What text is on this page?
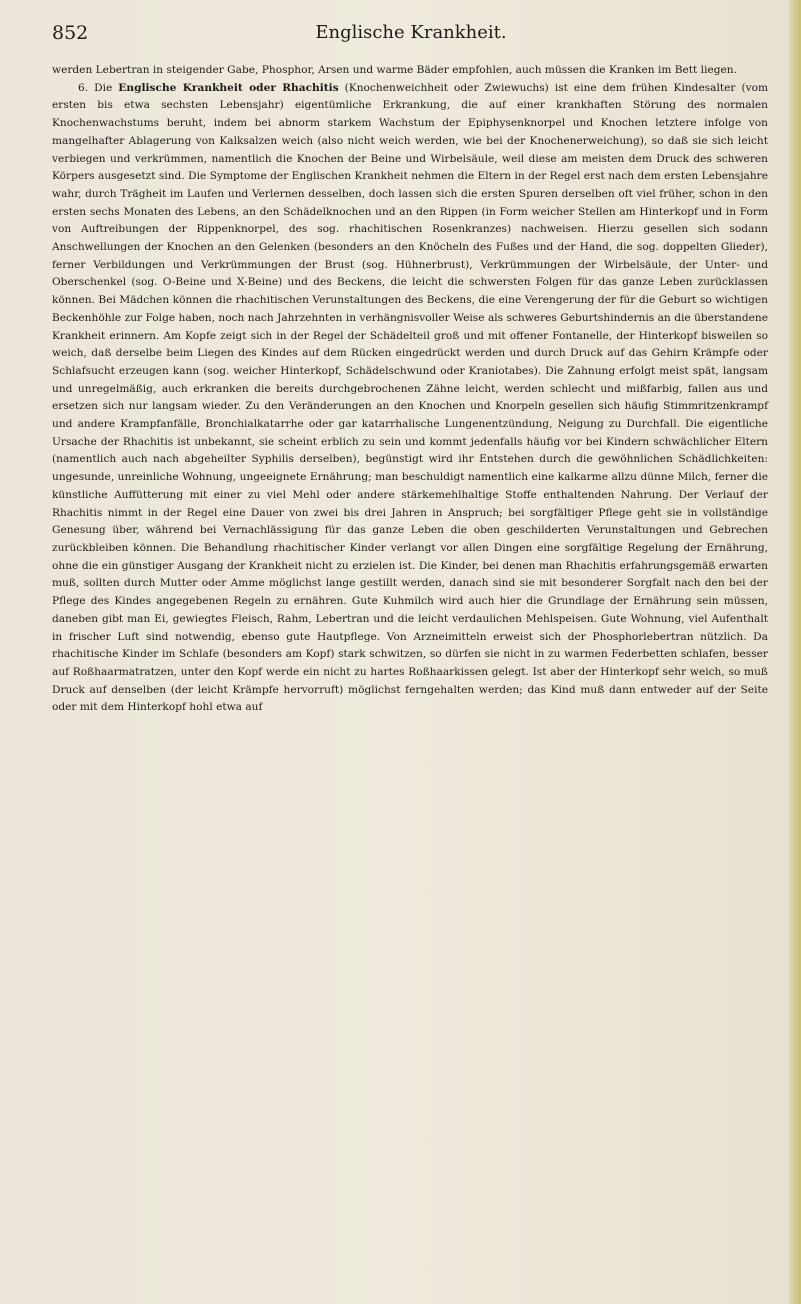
852	Englische Krankheit.

werden Lebertran in steigender Gabe, Phosphor, Arsen und warme Bäder empfohlen, auch müssen die Kranken im Bett liegen.

6. Die Englische Krankheit oder Rhachitis (Knochenweichheit oder Zwiewuchs) ist eine dem frühen Kindesalter (vom ersten bis etwa sechsten Lebensjahr) eigentümliche Erkrankung, die auf einer krankhaften Störung des normalen Knochenwachstums beruht, indem bei abnorm starkem Wachstum der Epiphysenknorpel und Knochen letztere infolge von mangelhafter Ablagerung von Kalksalzen weich (also nicht weich werden, wie bei der Knochenerweichung), so daß sie sich leicht verbiegen und verkrümmen, namentlich die Knochen der Beine und Wirbelsäule, weil diese am meisten dem Druck des schweren Körpers ausgesetzt sind. Die Symptome der Englischen Krankheit nehmen die Eltern in der Regel erst nach dem ersten Lebensjahre wahr, durch Trägheit im Laufen und Verlernen desselben, doch lassen sich die ersten Spuren derselben oft viel früher, schon in den ersten sechs Monaten des Lebens, an den Schädelknochen und an den Rippen (in Form weicher Stellen am Hinterkopf und in Form von Auftreibungen der Rippenknorpel, des sog. rhachitischen Rosenkranzes) nachweisen. Hierzu gesellen sich sodann Anschwellungen der Knochen an den Gelenken (besonders an den Knöcheln des Fußes und der Hand, die sog. doppelten Glieder), ferner Verbildungen und Verkrümmungen der Brust (sog. Hühnerbrust), Verkrümmungen der Wirbelsäule, der Unter- und Oberschenkel (sog. O-Beine und X-Beine) und des Beckens, die leicht die schwersten Folgen für das ganze Leben zurücklassen können. Bei Mädchen können die rhachitischen Verunstaltungen des Beckens, die eine Verengerung der für die Geburt so wichtigen Beckenhöhle zur Folge haben, noch nach Jahrzehnten in verhängnisvoller Weise als schweres Geburtshindernis an die überstandene Krankheit erinnern. Am Kopfe zeigt sich in der Regel der Schädelteil groß und mit offener Fontanelle, der Hinterkopf bisweilen so weich, daß derselbe beim Liegen des Kindes auf dem Rücken eingedrückt werden und durch Druck auf das Gehirn Krämpfe oder Schlafsucht erzeugen kann (sog. weicher Hinterkopf, Schädelschwund oder Kraniotabes). Die Zahnung erfolgt meist spät, langsam und unregelmäßig, auch erkranken die bereits durchgebrochenen Zähne leicht, werden schlecht und mißfarbig, fallen aus und ersetzen sich nur langsam wieder. Zu den Veränderungen an den Knochen und Knorpeln gesellen sich häufig Stimmritzenkrampf und andere Krampfanfälle, Bronchialkatarrhe oder gar katarrhalische Lungenentzündung, Neigung zu Durchfall. Die eigentliche Ursache der Rhachitis ist unbekannt, sie scheint erblich zu sein und kommt jedenfalls häufig vor bei Kindern schwächlicher Eltern (namentlich auch nach abgeheilter Syphilis derselben), begünstigt wird ihr Entstehen durch die gewöhnlichen Schädlichkeiten: ungesunde, unreinliche Wohnung, ungeeignete Ernährung; man beschuldigt namentlich eine kalkarme allzu dünne Milch, ferner die künstliche Auffütterung mit einer zu viel Mehl oder andere stärkemehlhaltige Stoffe enthaltenden Nahrung. Der Verlauf der Rhachitis nimmt in der Regel eine Dauer von zwei bis drei Jahren in Anspruch; bei sorgfältiger Pflege geht sie in vollständige Genesung über, während bei Vernachlässigung für das ganze Leben die oben geschilderten Verunstaltungen und Gebrechen zurückbleiben können. Die Behandlung rhachitischer Kinder verlangt vor allen Dingen eine sorgfältige Regelung der Ernährung, ohne die ein günstiger Ausgang der Krankheit nicht zu erzielen ist. Die Kinder, bei denen man Rhachitis erfahrungsgemäß erwarten muß, sollten durch Mutter oder Amme möglichst lange gestillt werden, danach sind sie mit besonderer Sorgfalt nach den bei der Pflege des Kindes angegebenen Regeln zu ernähren. Gute Kuhmilch wird auch hier die Grundlage der Ernährung sein müssen, daneben gibt man Ei, gewiegtes Fleisch, Rahm, Lebertran und die leicht verdaulichen Mehlspeisen. Gute Wohnung, viel Aufenthalt in frischer Luft sind notwendig, ebenso gute Hautpflege. Von Arzneimitteln erweist sich der Phosphorlebertran nützlich. Da rhachitische Kinder im Schlafe (besonders am Kopf) stark schwitzen, so dürfen sie nicht in zu warmen Federbetten schlafen, besser auf Roßhaarmatratzen, unter den Kopf werde ein nicht zu hartes Roßhaarkissen gelegt. Ist aber der Hinterkopf sehr weich, so muß Druck auf denselben (der leicht Krämpfe hervorruft) möglichst ferngehalten werden; das Kind muß dann entweder auf der Seite oder mit dem Hinterkopf hohl etwa auf
